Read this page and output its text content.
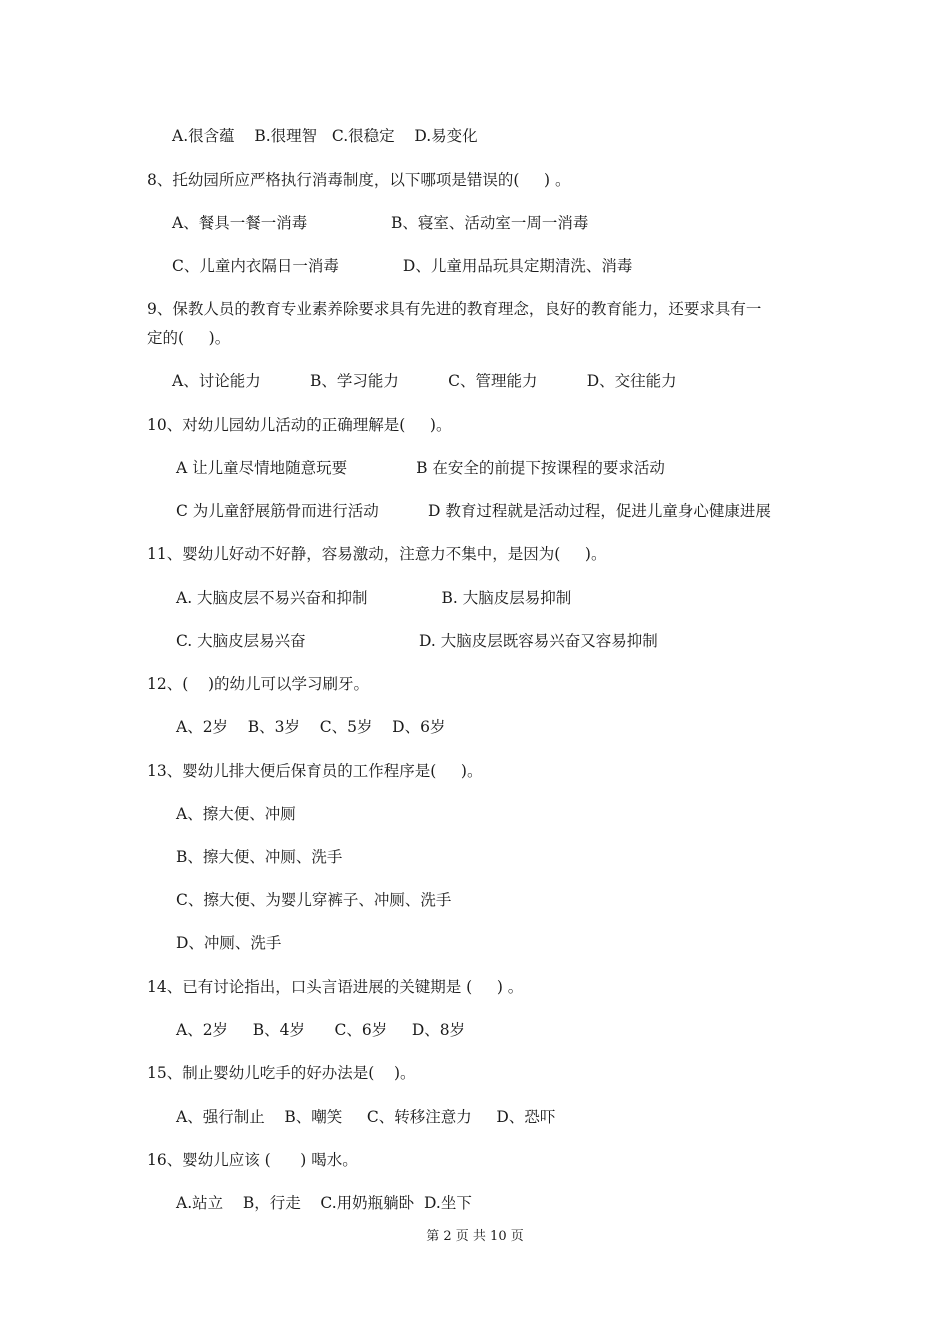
A.很含蕴    B.很理智   C.很稳定    D.易变化
8、托幼园所应严格执行消毒制度，以下哪项是错误的(     ) 。
A、餐具一餐一消毒                 B、寝室、活动室一周一消毒
C、儿童内衣隔日一消毒             D、儿童用品玩具定期清洗、消毒
9、保教人员的教育专业素养除要求具有先进的教育理念，良好的教育能力，还要求具有一
定的(     )。
A、讨论能力          B、学习能力          C、管理能力          D、交往能力
10、对幼儿园幼儿活动的正确理解是(     )。
A 让儿童尽情地随意玩要              B 在安全的前提下按课程的要求活动
C 为儿童舒展筋骨而进行活动          D 教育过程就是活动过程，促进儿童身心健康进展
11、婴幼儿好动不好静，容易激动，注意力不集中，是因为(     )。
A. 大脑皮层不易兴奋和抑制               B. 大脑皮层易抑制
C. 大脑皮层易兴奋                       D. 大脑皮层既容易兴奋又容易抑制
12、(    )的幼儿可以学习刷牙。
A、2岁    B、3岁    C、5岁    D、6岁
13、婴幼儿排大便后保育员的工作程序是(     )。
A、擦大便、冲厕
B、擦大便、冲厕、洗手
C、擦大便、为婴儿穿裤子、冲厕、洗手
D、冲厕、洗手
14、已有讨论指出，口头言语进展的关键期是 (     ) 。
A、2岁     B、4岁      C、6岁     D、8岁
15、制止婴幼儿吃手的好办法是(    )。
A、强行制止    B、嘲笑     C、转移注意力     D、恐吓
16、婴幼儿应该 (      ) 喝水。
A.站立    B，行走    C.用奶瓶躺卧  D.坐下
第 2 页 共 10 页
